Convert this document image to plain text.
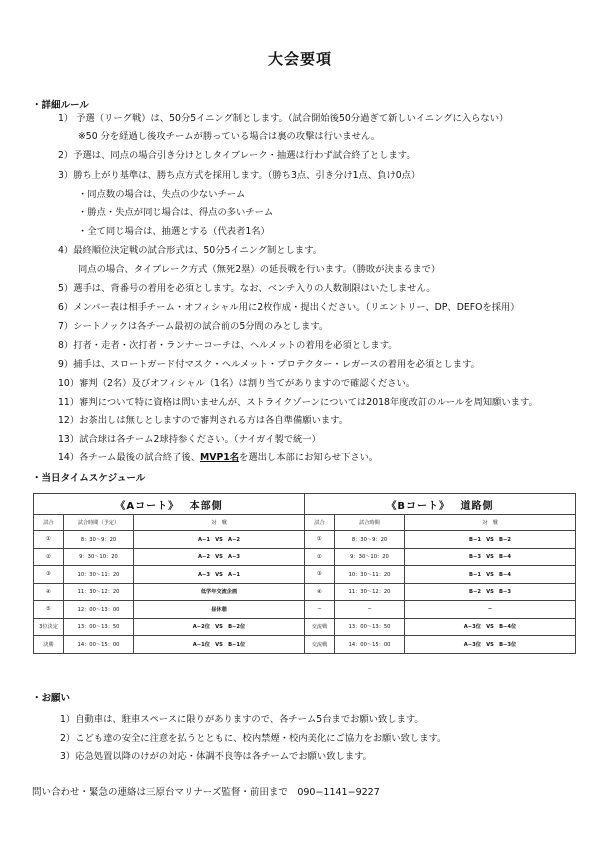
大会要項
・詳細ルール
1） 予選（リーグ戦）は、50分5イニング制とします。（試合開始後50分過ぎて新しいイニングに入らない）
※50 分を経過し後攻チームが勝っている場合は裏の攻撃は行いません。
2）予選は、同点の場合引き分けとしタイブレーク・抽選は行わず試合終了とします。
3）勝ち上がり基準は、勝ち点方式を採用します。（勝ち3点、引き分け1点、負け0点）
・同点数の場合は、失点の少ないチーム
・勝点・失点が同じ場合は、得点の多いチーム
・全て同じ場合は、抽選とする（代表者1名）
4）最終順位決定戦の試合形式は、50分5イニング制とします。
同点の場合、タイブレーク方式（無死2塁）の延長戦を行います。（勝敗が決まるまで）
5）選手は、背番号の着用を必須とします。なお、ベンチ入りの人数制限はいたしません。
6）メンバー表は相手チーム・オフィシャル用に2枚作成・提出ください。（リエントリー、DP、DEFOを採用）
7）シートノックは各チーム最初の試合前の5分間のみとします。
8）打者・走者・次打者・ランナーコーチは、ヘルメットの着用を必須とします。
9）捕手は、スロートガード付マスク・ヘルメット・プロテクター・レガースの着用を必須とします。
10）審判（2名）及びオフィシャル（1名）は割り当てがありますので確認ください。
11）審判について特に資格は問いませんが、ストライクゾーンについては2018年度改訂のルールを周知願います。
12）お茶出しは無しとしますので審判される方は各自準備願います。
13）試合球は各チーム2球持参ください。（ナイガイ製で統一）
14）各チーム最後の試合終了後、MVP1名を選出し本部にお知らせ下さい。
・当日タイムスケジュール
《Aコート》　 本部側		
試合	試合時間（予定）	対　戦
①	8：30〜9：20	A−1　VS　A−2
②	9：30〜10：20	A−2　VS　A−3
③	10：30〜11：20	A−3　VS　A−1
④	11：30〜12：20	低学年交流企画
⑤	12：00〜13：00	昼休憩
3位決定	13：00〜13：50	A−2位　VS　B−2位
決勝	14：00〜15：00	A−1位　VS　B−1位
《Bコート》　 道路側		
試合	試合時間	対　戦
①	8：30〜9：20	B−1　VS　B−2
②	9：30〜10：20	B−3　VS　B−4
③	10：30〜11：20	B−1　VS　B−4
④	11：30〜12：20	B−2　VS　B−3
−	−	−
交流戦	13：00〜13：50	A−3位　VS　B−4位
交流戦	14：00〜15：00	A−3位　VS　B−3位
・お願い
1）自動車は、駐車スペースに限りがありますので、各チーム5台までお願い致します。
2）こども達の安全に注意を払うとともに、校内禁煙・校内美化にご協力をお願い致します。
3）応急処置以降のけがの対応・体調不良等は各チームでお願い致します。
問い合わせ・緊急の連絡は三原台マリナーズ監督・前田まで　090−1141−9227
